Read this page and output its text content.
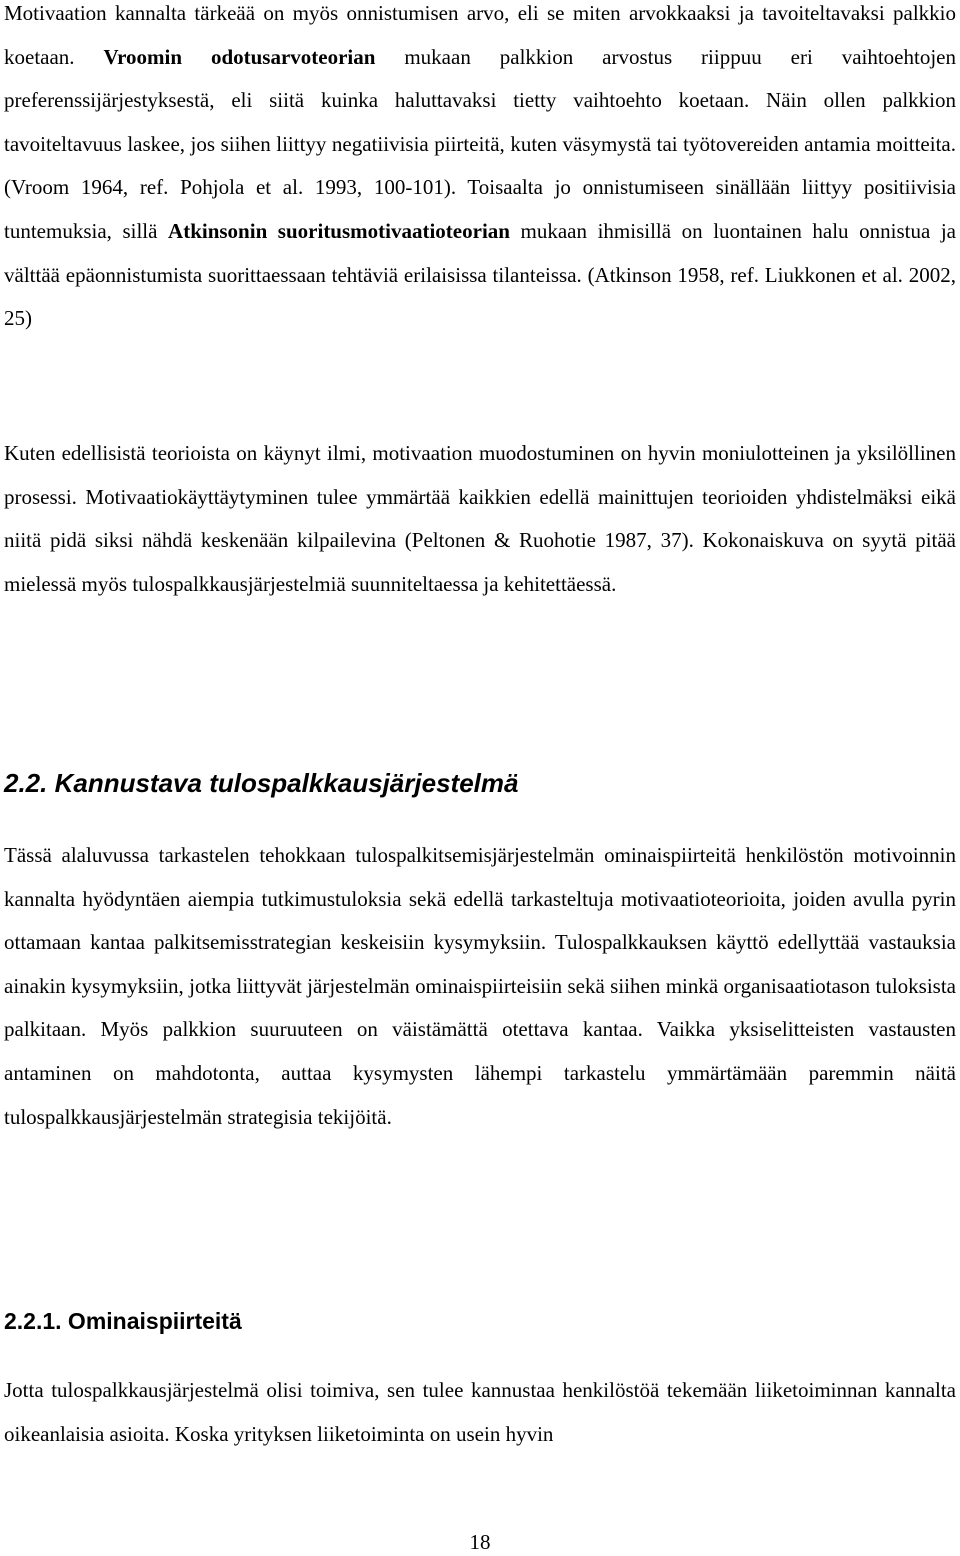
Motivaation kannalta tärkeää on myös onnistumisen arvo, eli se miten arvokkaaksi ja tavoiteltavaksi palkkio koetaan. Vroomin odotusarvoteorian mukaan palkkion arvostus riippuu eri vaihtoehtojen preferenssijärjestyksestä, eli siitä kuinka haluttavaksi tietty vaihtoehto koetaan. Näin ollen palkkion tavoiteltavuus laskee, jos siihen liittyy negatiivisia piirteitä, kuten väsymystä tai työtovereiden antamia moitteita. (Vroom 1964, ref. Pohjola et al. 1993, 100-101). Toisaalta jo onnistumiseen sinällään liittyy positiivisia tuntemuksia, sillä Atkinsonin suoritusmotivaatioteorian mukaan ihmisillä on luontainen halu onnistua ja välttää epäonnistumista suorittaessaan tehtäviä erilaisissa tilanteissa. (Atkinson 1958, ref. Liukkonen et al. 2002, 25)

Kuten edellisistä teorioista on käynyt ilmi, motivaation muodostuminen on hyvin moniulotteinen ja yksilöllinen prosessi. Motivaatiokäyttäytyminen tulee ymmärtää kaikkien edellä mainittujen teorioiden yhdistelmäksi eikä niitä pidä siksi nähdä keskenään kilpailevina (Peltonen & Ruohotie 1987, 37). Kokonaiskuva on syytä pitää mielessä myös tulospalkkausjärjestelmiä suunniteltaessa ja kehitettäessä.

2.2. Kannustava tulospalkkausjärjestelmä

Tässä alaluvussa tarkastelen tehokkaan tulospalkitsemisjärjestelmän ominaispiirteitä henkilöstön motivoinnin kannalta hyödyntäen aiempia tutkimustuloksia sekä edellä tarkasteltuja motivaatioteorioita, joiden avulla pyrin ottamaan kantaa palkitsemisstrategian keskeisiin kysymyksiin. Tulospalkkauksen käyttö edellyttää vastauksia ainakin kysymyksiin, jotka liittyvät järjestelmän ominaispiirteisiin sekä siihen minkä organisaatiotason tuloksista palkitaan. Myös palkkion suuruuteen on väistämättä otettava kantaa. Vaikka yksiselitteisten vastausten antaminen on mahdotonta, auttaa kysymysten lähempi tarkastelu ymmärtämään paremmin näitä tulospalkkausjärjestelmän strategisia tekijöitä.

2.2.1. Ominaispiirteitä

Jotta tulospalkkausjärjestelmä olisi toimiva, sen tulee kannustaa henkilöstöä tekemään liiketoiminnan kannalta oikeanlaisia asioita. Koska yrityksen liiketoiminta on usein hyvin

18
